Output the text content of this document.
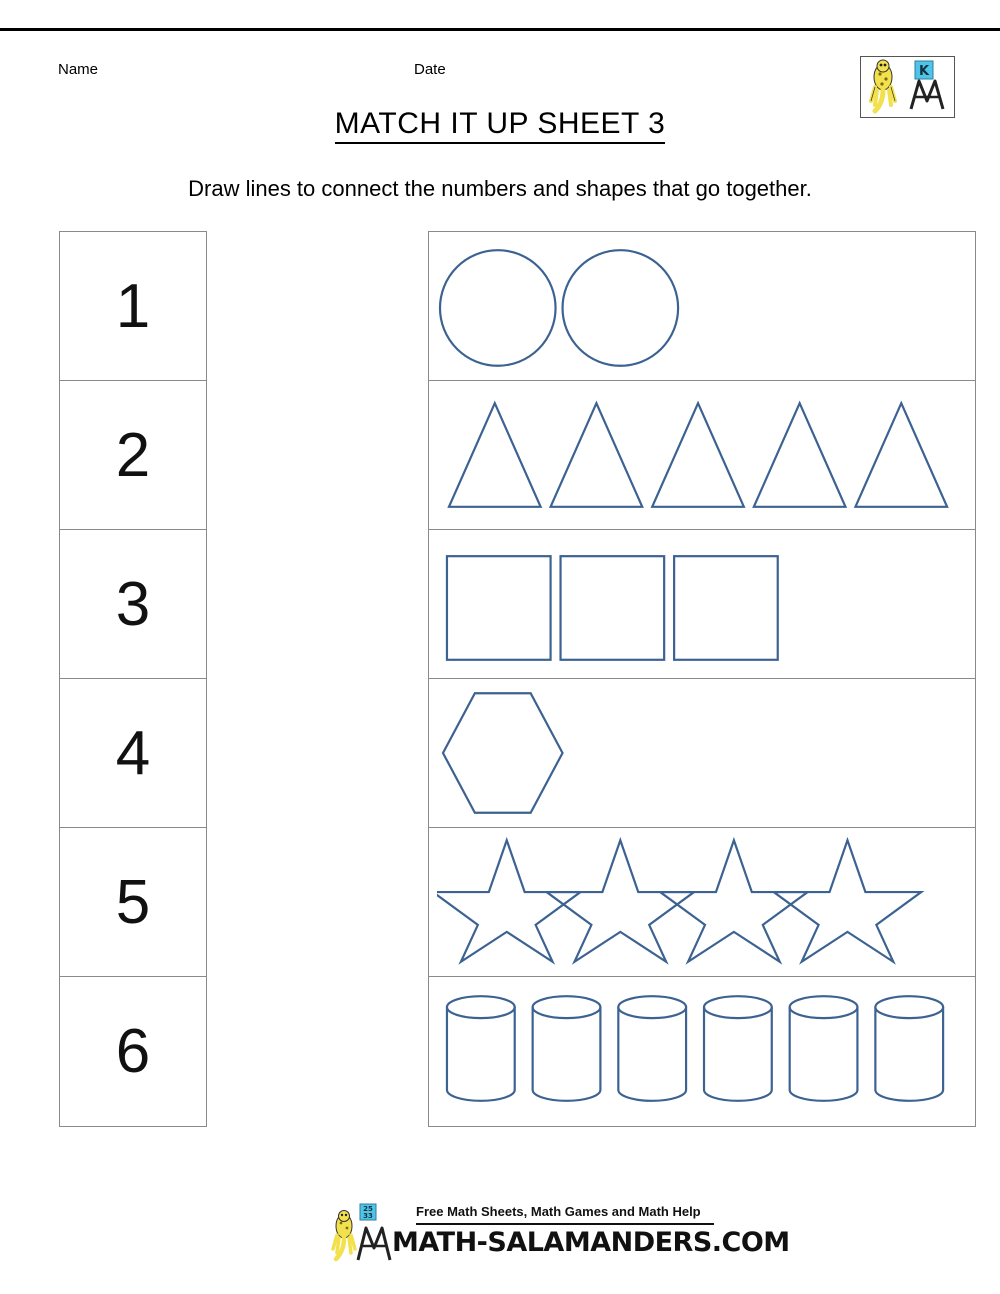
Name	Date	K
MATCH IT UP SHEET 3
Draw lines to connect the numbers and shapes that go together.
1
2
3
4
5
6
25
33	Free Math Sheets, Math Games and Math Help
MATH-SALAMANDERS.COM
